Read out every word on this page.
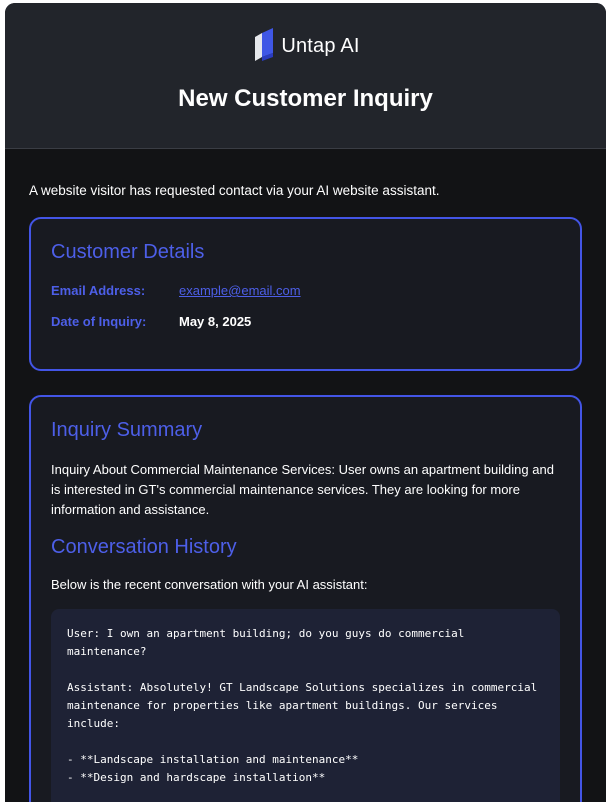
Untap AI
New Customer Inquiry

A website visitor has requested contact via your AI website assistant.

Customer Details
Email Address:	example@email.com
Date of Inquiry:	May 8, 2025
Inquiry Summary

Inquiry About Commercial Maintenance Services: User owns an apartment building and is interested in GT's commercial maintenance services. They are looking for more information and assistance.

Conversation History

Below is the recent conversation with your AI assistant:

User: I own an apartment building; do you guys do commercial

maintenance?

Assistant: Absolutely! GT Landscape Solutions specializes in commercial

maintenance for properties like apartment buildings. Our services

include:

- **Landscape installation and maintenance**

- **Design and hardscape installation**
